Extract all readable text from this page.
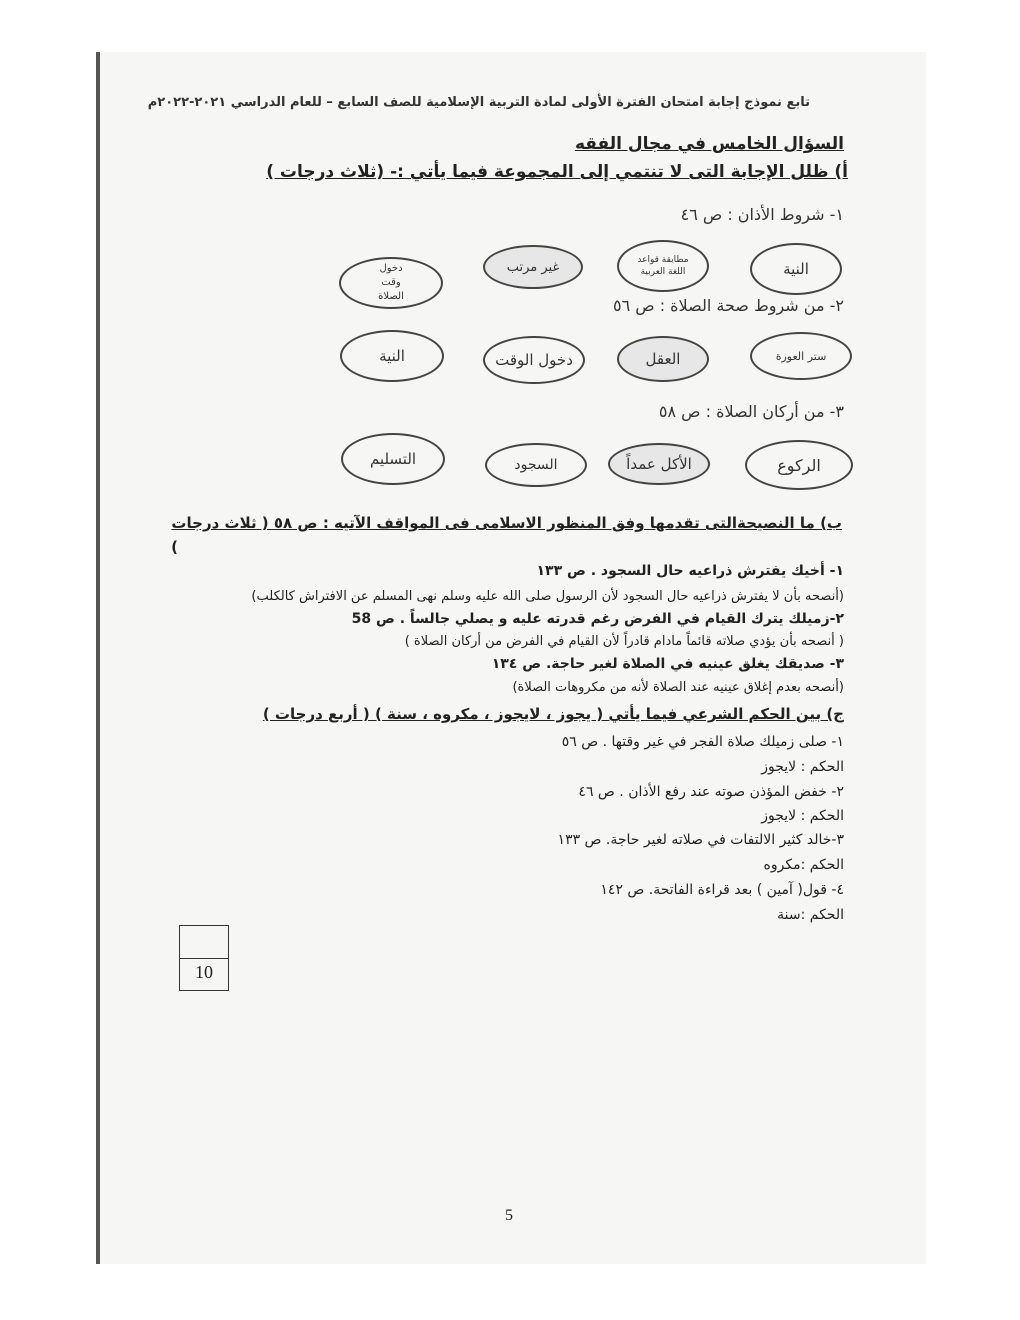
تابع نموذج إجابة امتحان الفترة الأولى لمادة التربية الإسلامية للصف السابع – للعام الدراسي ٢٠٢١-٢٠٢٢م
السؤال الخامس في مجال الفقه
أ) ظلل الإجابة التى لا تنتمي إلى المجموعة فيما يأتي :- (ثلاث درجات )
١- شروط الأذان : ص ٤٦
النية
مطابقة قواعد اللغة العربية
غير مرتب
دخول وقت الصلاة	٢- من شروط صحة الصلاة : ص ٥٦
ستر العورة
العقل
دخول الوقت
النية
٣- من أركان الصلاة : ص ٥٨
الركوع
الأكل عمداً
السجود
التسليم
ب) ما النصيحةالتى تقدمها وفق المنظور الاسلامى فى المواقف الآتيه : ص ٥٨ ( ثلاث درجات
)
١- أخيك يفترش ذراعيه حال السجود . ص ١٣٣
(أنصحه بأن لا يفترش ذراعيه حال السجود لأن الرسول صلى الله عليه وسلم نهى المسلم عن الافتراش كالكلب)
٢-زميلك يترك القيام في الفرض رغم قدرته عليه و يصلي جالساً . ص 58
( أنصحه بأن يؤدي صلاته قائماً مادام قادراً لأن القيام في الفرض من أركان الصلاة )
٣- صديقك يغلق عينيه في الصلاة لغير حاجة. ص ١٣٤
(أنصحه بعدم إغلاق عينيه عند الصلاة لأنه من مكروهات الصلاة)
ج) بين الحكم الشرعي فيما يأتي ( يجوز ، لايجوز ، مكروه ، سنة ) ( أربع درجات )
١- صلى زميلك صلاة الفجر في غير وقتها . ص ٥٦
الحكم : لايجوز
٢- خفض المؤذن صوته عند رفع الأذان . ص ٤٦
الحكم : لايجوز
٣-خالد كثير الالتفات في صلاته لغير حاجة. ص ١٣٣
الحكم :مكروه
٤- قول( آمين ) بعد قراءة الفاتحة. ص ١٤٢
الحكم :سنة
10
5
